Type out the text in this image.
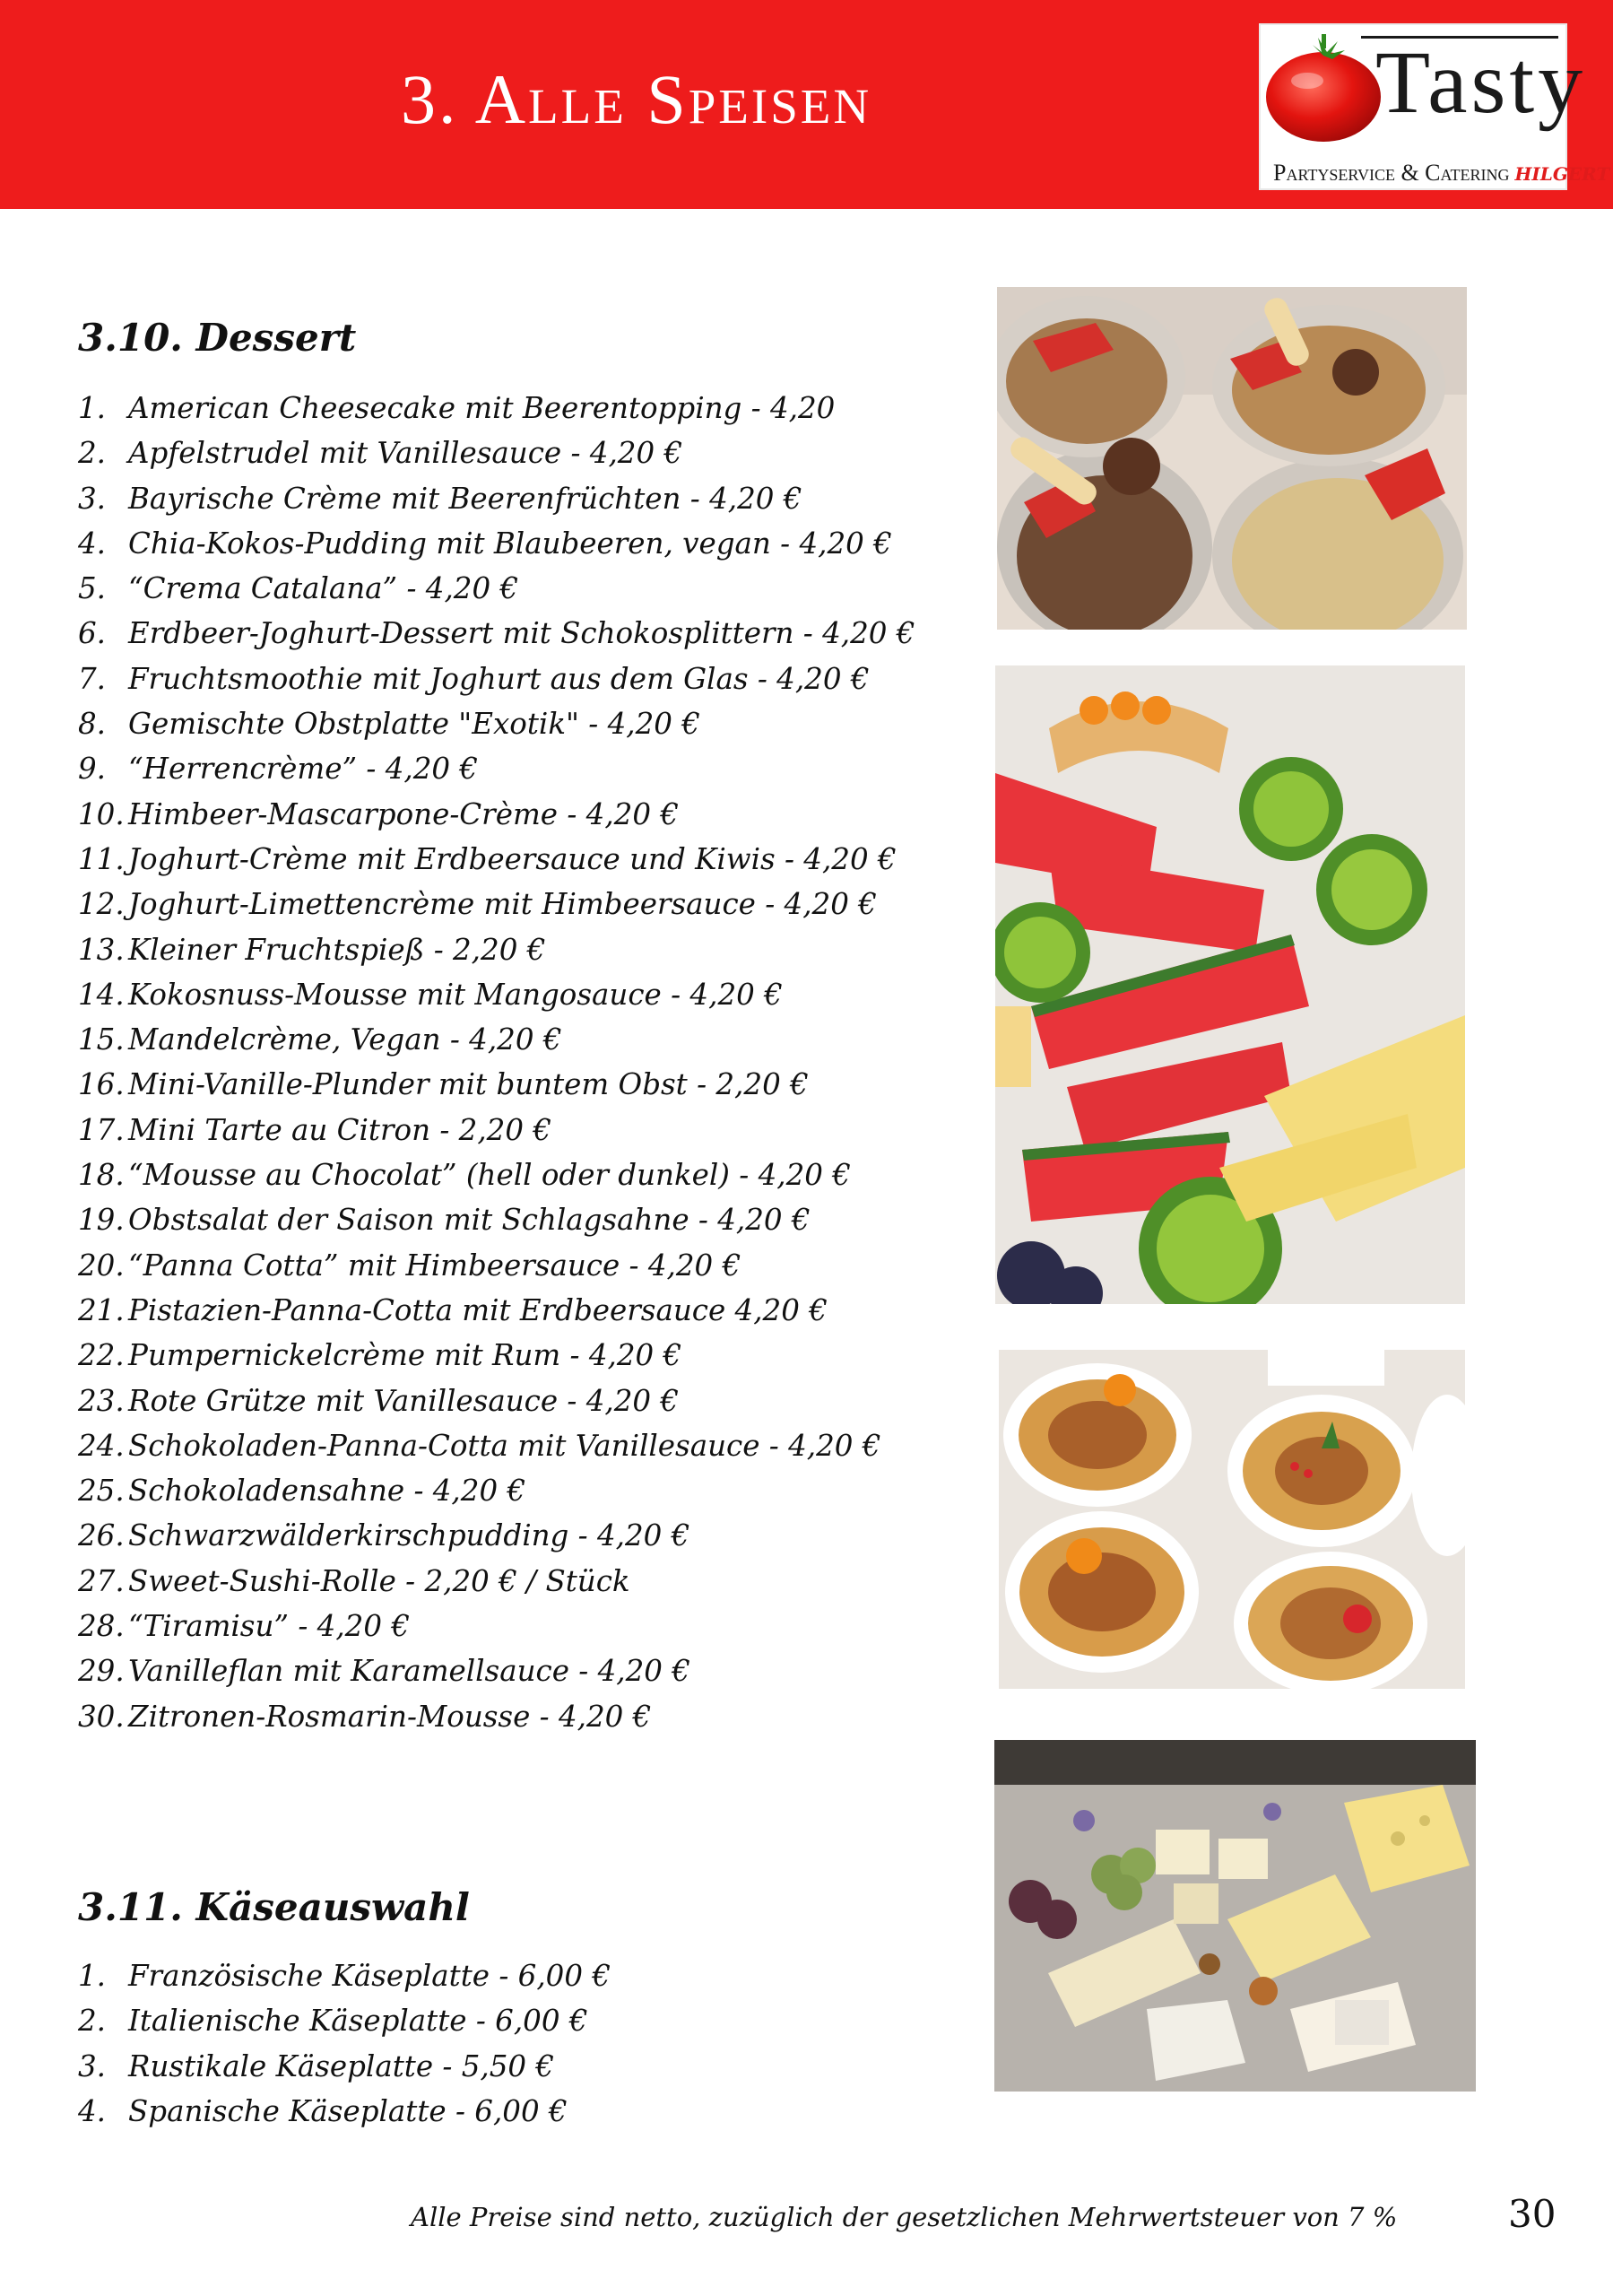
3. Alle Speisen	Tasty
Partyservice & Catering hilgert
3.10. Dessert
1. American Cheesecake mit Beerentopping - 4,20
2. Apfelstrudel mit Vanillesauce - 4,20 €
3. Bayrische Crème mit Beerenfrüchten - 4,20 €
4. Chia-Kokos-Pudding mit Blaubeeren, vegan - 4,20 €
5. “Crema Catalana” - 4,20 €
6. Erdbeer-Joghurt-Dessert mit Schokosplittern - 4,20 €
7. Fruchtsmoothie mit Joghurt aus dem Glas - 4,20 €
8. Gemischte Obstplatte "Exotik" - 4,20 €
9. “Herrencrème” - 4,20 €
10. Himbeer-Mascarpone-Crème - 4,20 €
11. Joghurt-Crème mit Erdbeersauce und Kiwis - 4,20 €
12. Joghurt-Limettencrème mit Himbeersauce - 4,20 €
13. Kleiner Fruchtspieß - 2,20 €
14. Kokosnuss-Mousse mit Mangosauce - 4,20 €
15. Mandelcrème, Vegan - 4,20 €
16. Mini-Vanille-Plunder mit buntem Obst - 2,20 €
17. Mini Tarte au Citron - 2,20 €
18. “Mousse au Chocolat” (hell oder dunkel) - 4,20 €
19. Obstsalat der Saison mit Schlagsahne - 4,20 €
20. “Panna Cotta” mit Himbeersauce - 4,20 €
21. Pistazien-Panna-Cotta mit Erdbeersauce 4,20 €
22. Pumpernickelcrème mit Rum - 4,20 €
23. Rote Grütze mit Vanillesauce - 4,20 €
24. Schokoladen-Panna-Cotta mit Vanillesauce - 4,20 €
25. Schokoladensahne - 4,20 €
26. Schwarzwälderkirschpudding - 4,20 €
27. Sweet-Sushi-Rolle - 2,20 € / Stück
28. “Tiramisu” - 4,20 €
29. Vanilleflan mit Karamellsauce - 4,20 €
30. Zitronen-Rosmarin-Mousse - 4,20 €
3.11. Käseauswahl
1. Französische Käseplatte - 6,00 €
2. Italienische Käseplatte - 6,00 €
3. Rustikale Käseplatte - 5,50 €
4. Spanische Käseplatte - 6,00 €
Alle Preise sind netto, zuzüglich der gesetzlichen Mehrwertsteuer von 7 %	30
